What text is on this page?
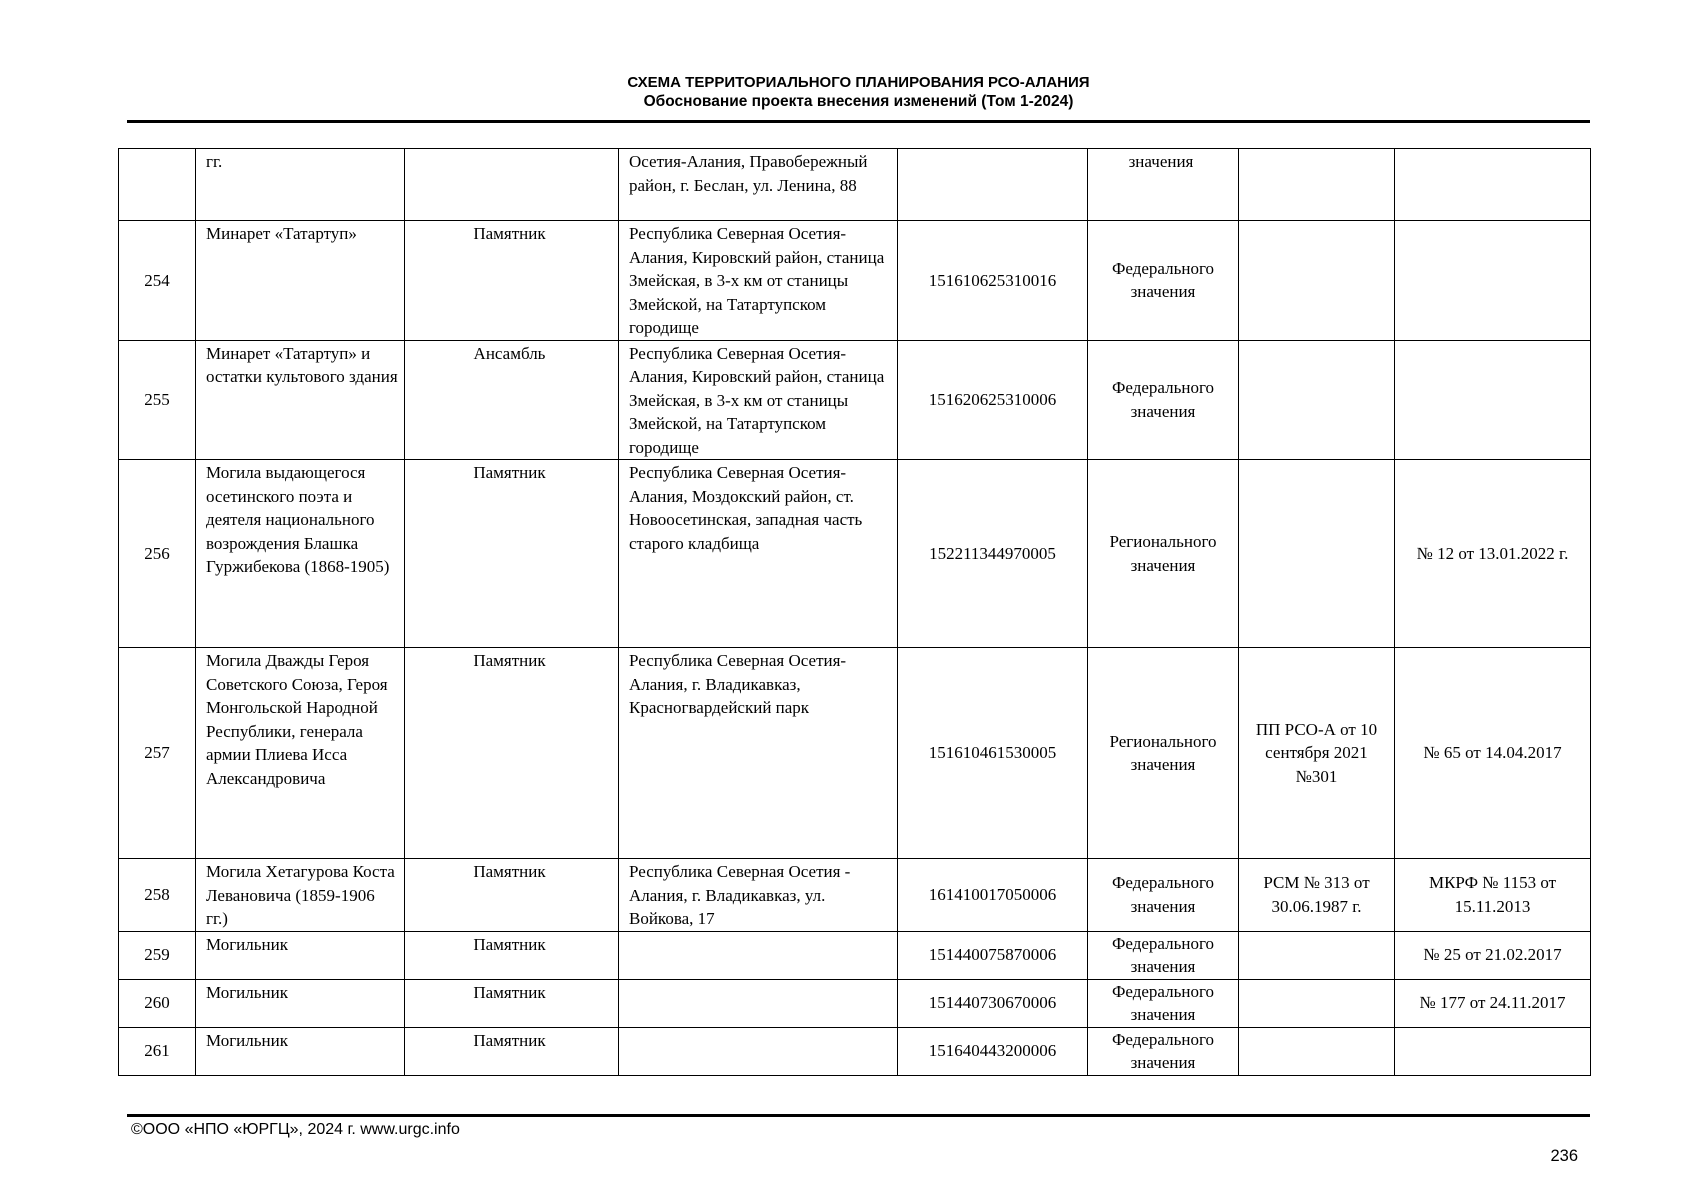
СХЕМА ТЕРРИТОРИАЛЬНОГО ПЛАНИРОВАНИЯ РСО-АЛАНИЯ
Обоснование проекта внесения изменений (Том 1-2024)
	гг.		Осетия-Алания, Правобережный район, г. Беслан, ул. Ленина, 88		значения		
254	Минарет «Татартуп»	Памятник	Республика Северная Осетия-Алания, Кировский район, станица Змейская, в 3-х км от станицы Змейской, на Татартупском городище	151610625310016	Федерального значения		
255	Минарет «Татартуп» и остатки культового здания	Ансамбль	Республика Северная Осетия-Алания, Кировский район, станица Змейская, в 3-х км от станицы Змейской, на Татартупском городище	151620625310006	Федерального значения		
256	Могила выдающегося осетинского поэта и деятеля национального возрождения Блашка Гуржибекова (1868-1905)	Памятник	Республика Северная Осетия-Алания, Моздокский район, ст. Новоосетинская, западная часть старого кладбища	152211344970005	Регионального значения		№ 12 от 13.01.2022 г.
257	Могила Дважды Героя Советского Союза, Героя Монгольской Народной Республики, генерала армии Плиева Исса Александровича	Памятник	Республика Северная Осетия-Алания, г. Владикавказ, Красногвардейский парк	151610461530005	Регионального значения	ПП РСО-А от 10 сентября 2021 №301	№ 65 от 14.04.2017
258	Могила Хетагурова Коста Левановича (1859-1906 гг.)	Памятник	Республика Северная Осетия - Алания, г. Владикавказ, ул. Войкова, 17	161410017050006	Федерального значения	РСМ № 313 от 30.06.1987 г.	МКРФ № 1153 от 15.11.2013
259	Могильник	Памятник		151440075870006	Федерального значения		№ 25 от 21.02.2017
260	Могильник	Памятник		151440730670006	Федерального значения		№ 177 от 24.11.2017
261	Могильник	Памятник		151640443200006	Федерального значения		
©ООО «НПО «ЮРГЦ», 2024 г. www.urgc.info
236
